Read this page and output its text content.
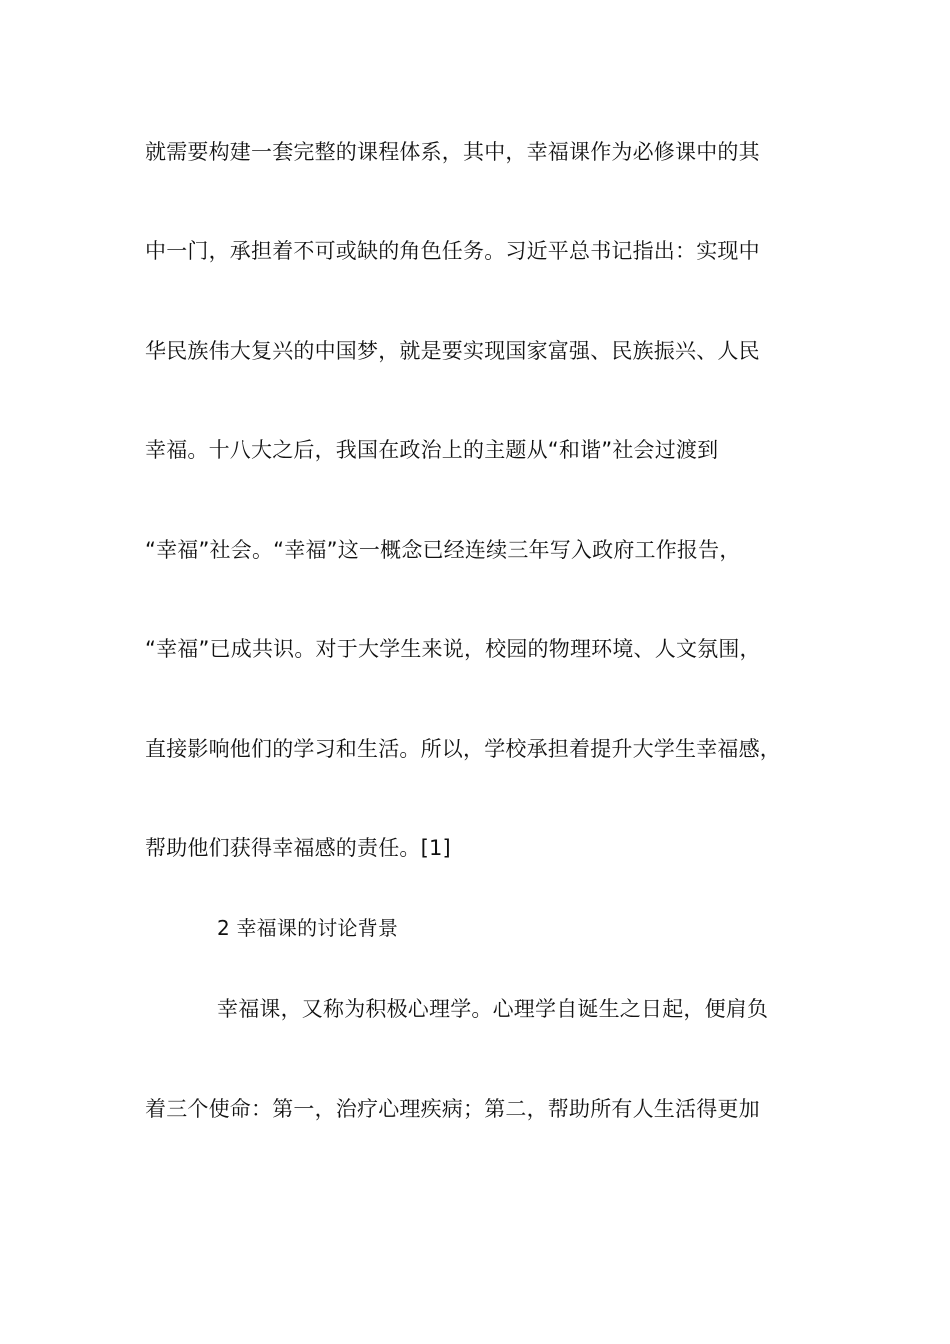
就需要构建一套完整的课程体系，其中，幸福课作为必修课中的其
中一门，承担着不可或缺的角色任务。习近平总书记指出：实现中
华民族伟大复兴的中国梦，就是要实现国家富强、民族振兴、人民
幸福。十八大之后，我国在政治上的主题从“和谐”社会过渡到
“幸福”社会。“幸福”这一概念已经连续三年写入政府工作报告，
“幸福”已成共识。对于大学生来说，校园的物理环境、人文氛围，
直接影响他们的学习和生活。所以，学校承担着提升大学生幸福感，
帮助他们获得幸福感的责任。[1]
2 幸福课的讨论背景
幸福课，又称为积极心理学。心理学自诞生之日起，便肩负
着三个使命：第一，治疗心理疾病；第二，帮助所有人生活得更加
